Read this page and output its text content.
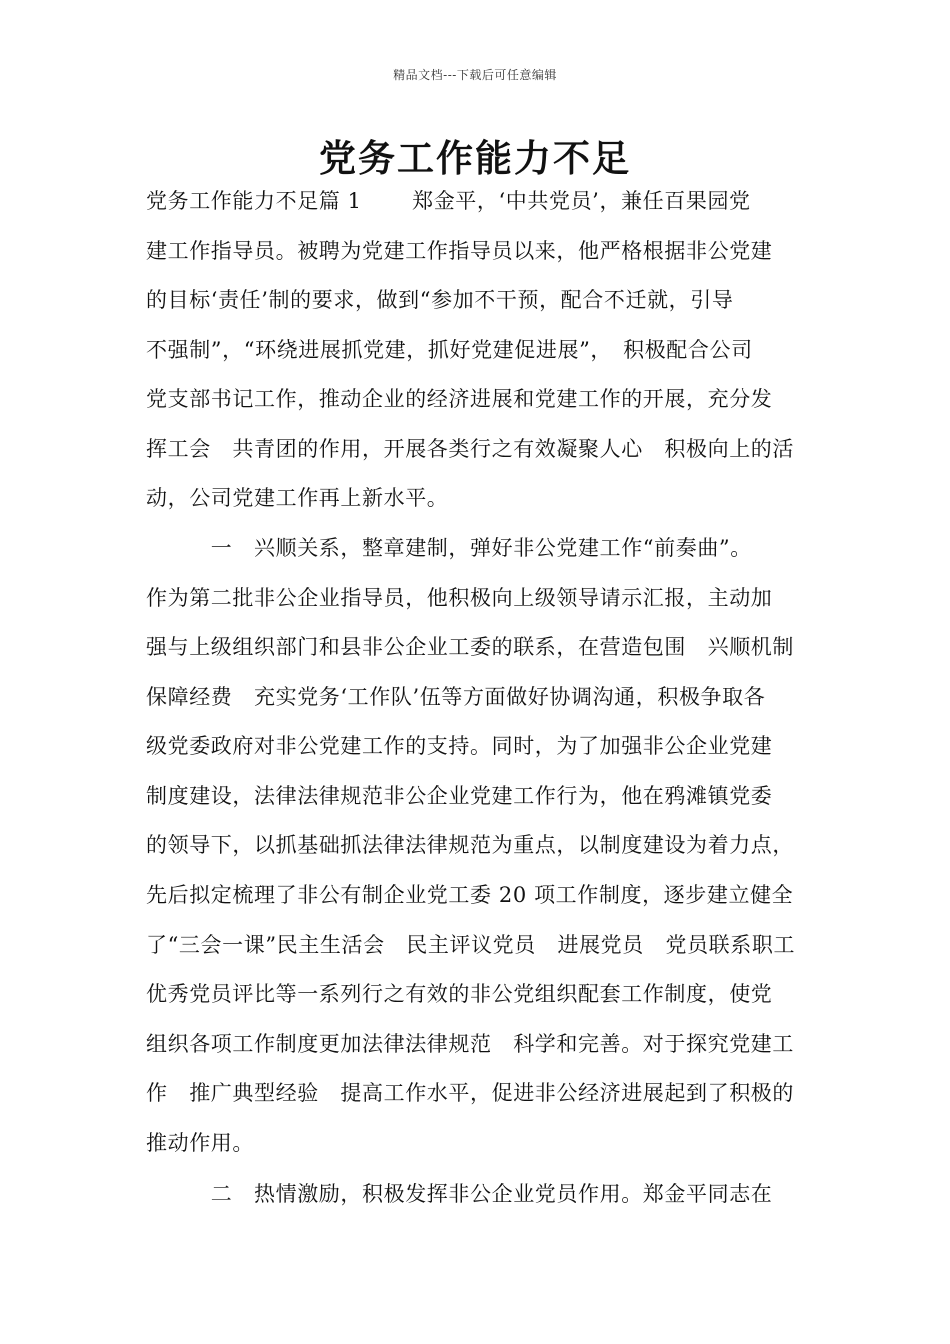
精品文档---下载后可任意编辑
党务工作能力不足
党务工作能力不足篇 1　　 郑金平，‘中共党员’，兼任百果园党
建工作指导员。被聘为党建工作指导员以来，他严格根据非公党建
的目标‘责任’制的要求，做到“参加不干预，配合不迁就，引导
不强制”，“环绕进展抓党建，抓好党建促进展”，　积极配合公司
党支部书记工作，推动企业的经济进展和党建工作的开展，充分发
挥工会　共青团的作用，开展各类行之有效凝聚人心　积极向上的活
动，公司党建工作再上新水平。
　　　一　兴顺关系，整章建制，弹好非公党建工作“前奏曲”。
作为第二批非公企业指导员，他积极向上级领导请示汇报，主动加
强与上级组织部门和县非公企业工委的联系，在营造包围　兴顺机制
保障经费　充实党务‘工作队’伍等方面做好协调沟通，积极争取各
级党委政府对非公党建工作的支持。同时，为了加强非公企业党建
制度建设，法律法律规范非公企业党建工作行为，他在鸦滩镇党委
的领导下，以抓基础抓法律法律规范为重点，以制度建设为着力点，
先后拟定梳理了非公有制企业党工委 20 项工作制度，逐步建立健全
了“三会一课”民主生活会　民主评议党员　进展党员　党员联系职工
优秀党员评比等一系列行之有效的非公党组织配套工作制度，使党
组织各项工作制度更加法律法律规范　科学和完善。对于探究党建工
作　推广典型经验　提高工作水平，促进非公经济进展起到了积极的
推动作用。
　　　二　热情激励，积极发挥非公企业党员作用。郑金平同志在
